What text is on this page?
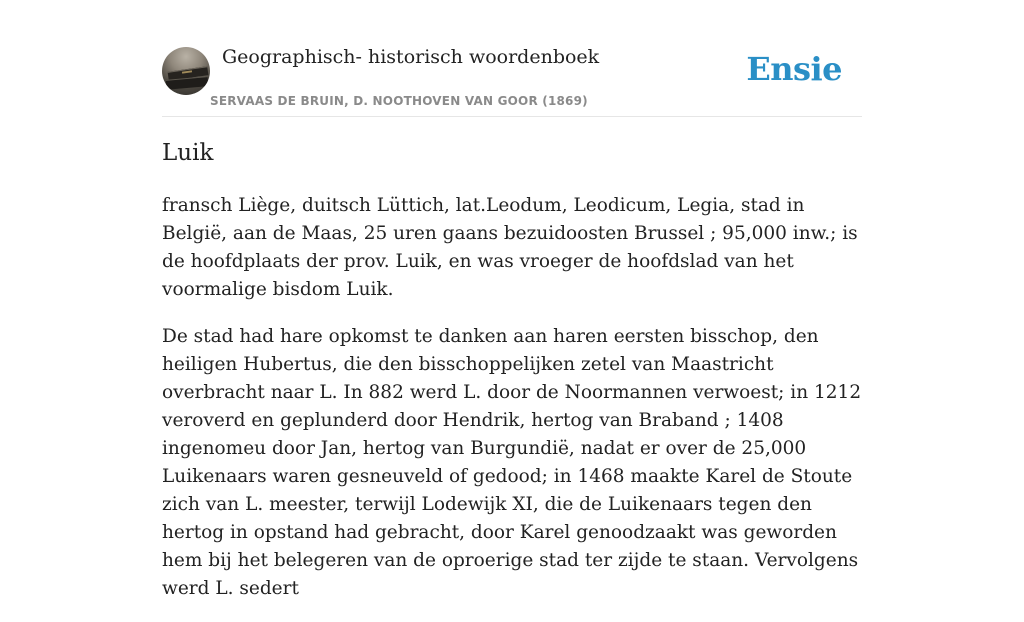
Geographisch- historisch woordenboek
SERVAAS DE BRUIN, D. NOOTHOVEN VAN GOOR (1869)
Ensie
Luik

fransch Liège, duitsch Lüttich, lat.Leodum, Leodicum, Legia, stad in België, aan de Maas, 25 uren gaans bezuidoosten Brussel ; 95,000 inw.; is de hoofdplaats der prov. Luik, en was vroeger de hoofdslad van het voormalige bisdom Luik.

De stad had hare opkomst te danken aan haren eersten bisschop, den heiligen Hubertus, die den bisschoppelijken zetel van Maastricht overbracht naar L. In 882 werd L. door de Noormannen verwoest; in 1212 veroverd en geplunderd door Hendrik, hertog van Braband ; 1408 ingenomeu door Jan, hertog van Burgundië, nadat er over de 25,000 Luikenaars waren gesneuveld of gedood; in 1468 maakte Karel de Stoute zich van L. meester, terwijl Lodewijk XI, die de Luikenaars tegen den hertog in opstand had gebracht, door Karel genoodzaakt was geworden hem bij het belegeren van de oproerige stad ter zijde te staan. Vervolgens werd L. sedert
